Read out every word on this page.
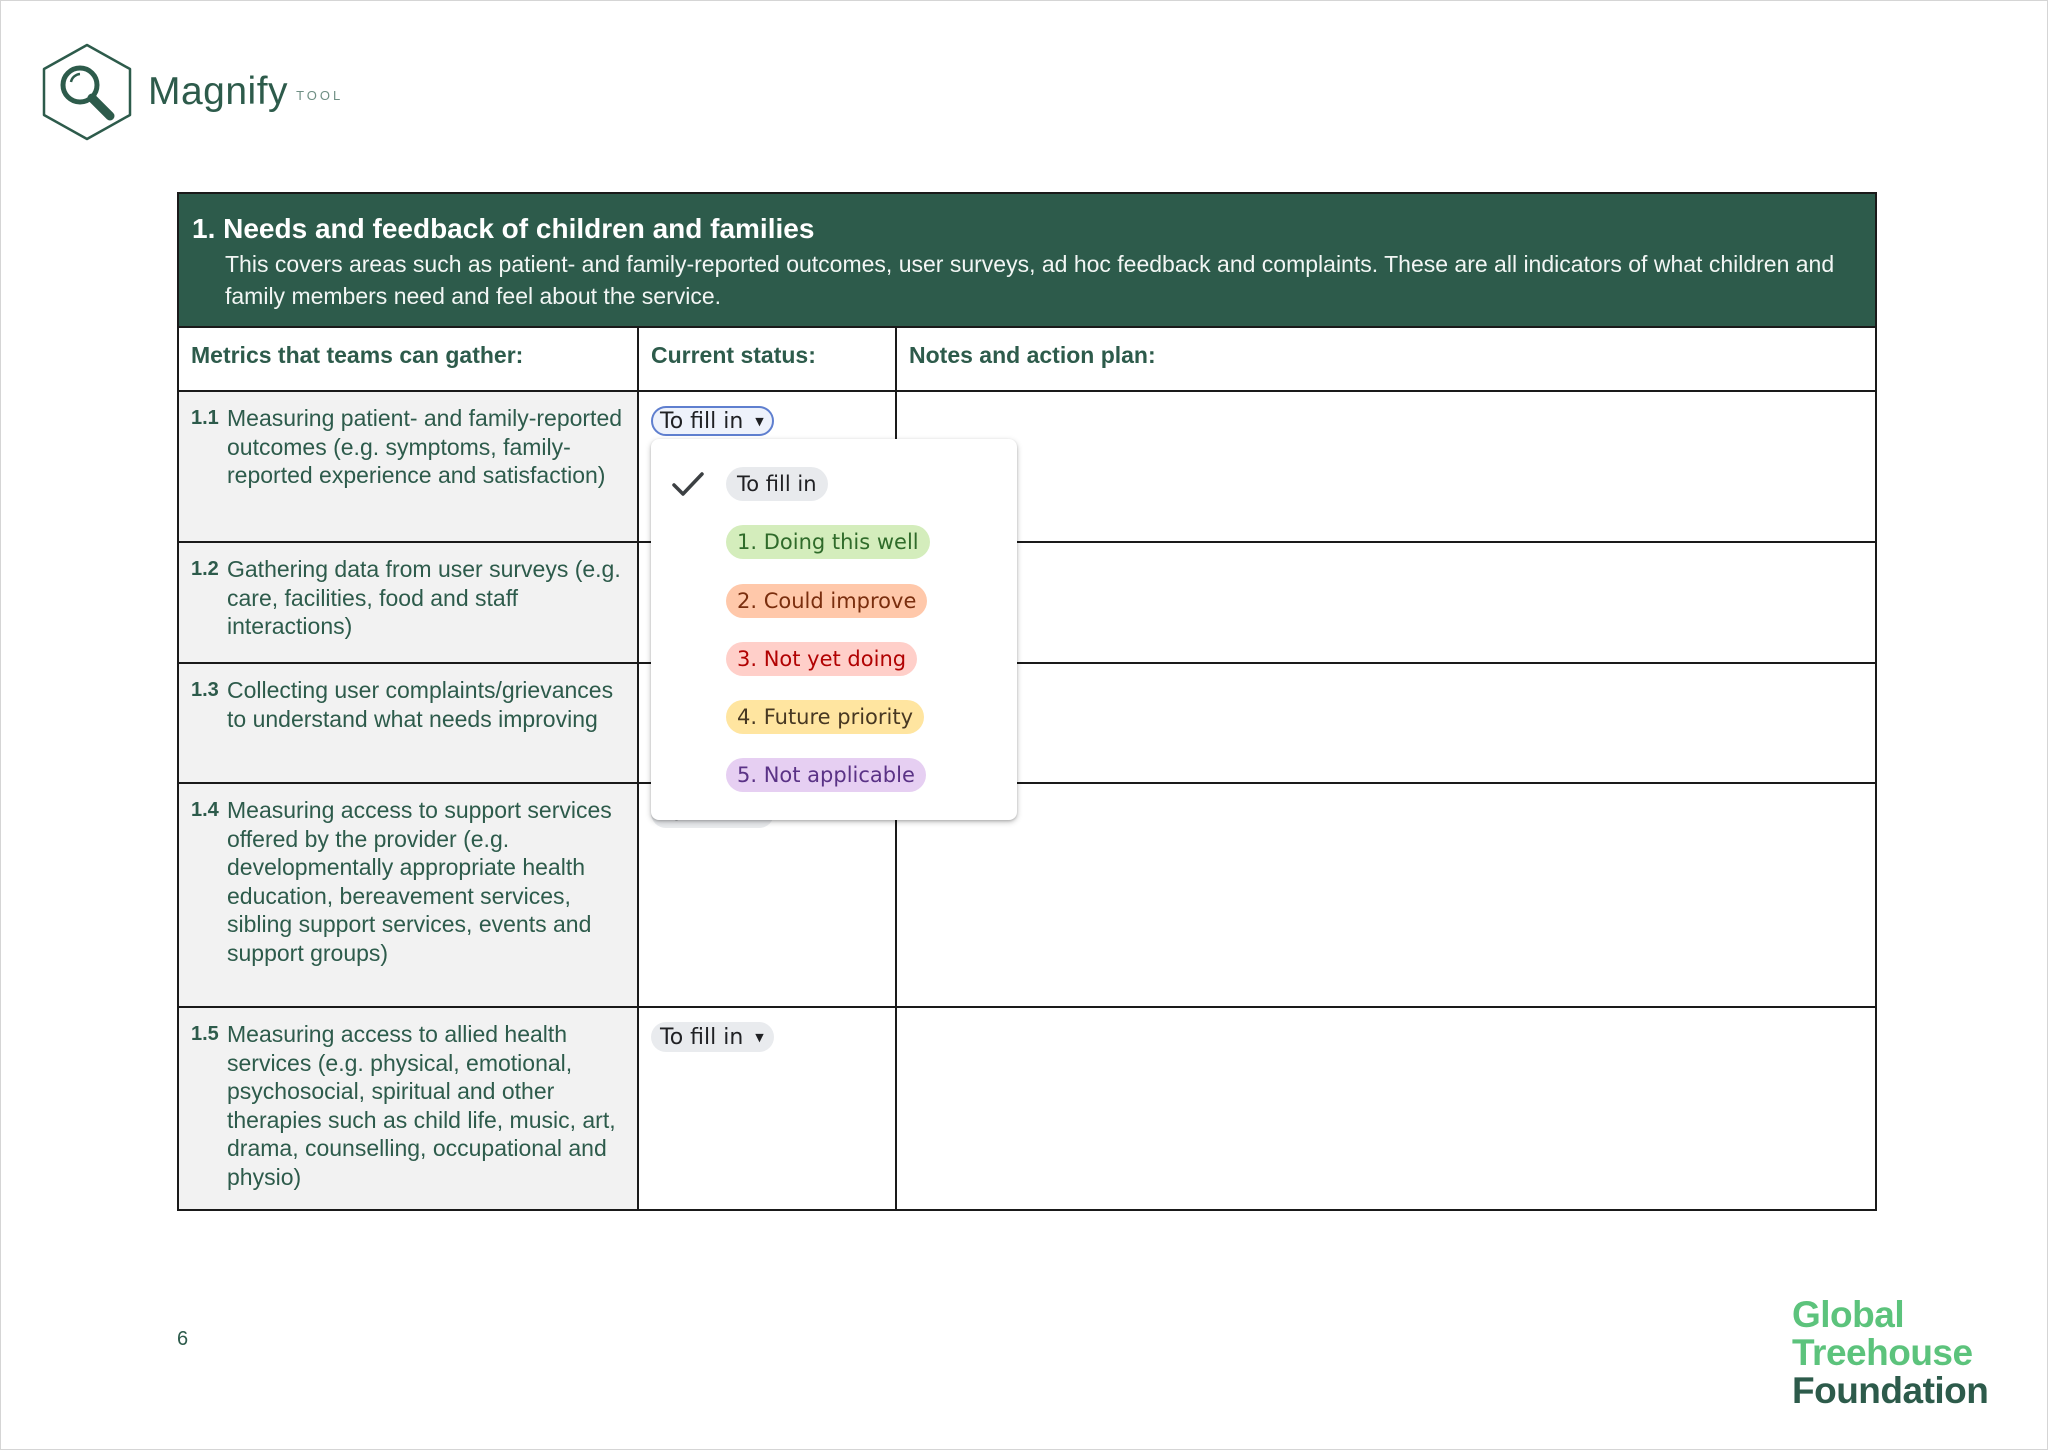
Magnify TOOL
1. Needs and feedback of children and families
This covers areas such as patient- and family-reported outcomes, user surveys, ad hoc feedback and complaints. These are all indicators of what children and family members need and feel about the service.
Metrics that teams can gather:	Current status:	Notes and action plan:
1.1 Measuring patient- and family-reported outcomes (e.g. symptoms, family-reported experience and satisfaction)
To fill in ▼
1.2 Gathering data from user surveys (e.g. care, facilities, food and staff interactions)
1.3 Collecting user complaints/grievances to understand what needs improving
1.4 Measuring access to support services offered by the provider (e.g. developmentally appropriate health education, bereavement services, sibling support services, events and support groups)
1.5 Measuring access to allied health services (e.g. physical, emotional, psychosocial, spiritual and other therapies such as child life, music, art, drama, counselling, occupational and physio)
To fill in ▼
To fill in
1. Doing this well
2. Could improve
3. Not yet doing
4. Future priority
5. Not applicable
6
Global
Treehouse
Foundation
